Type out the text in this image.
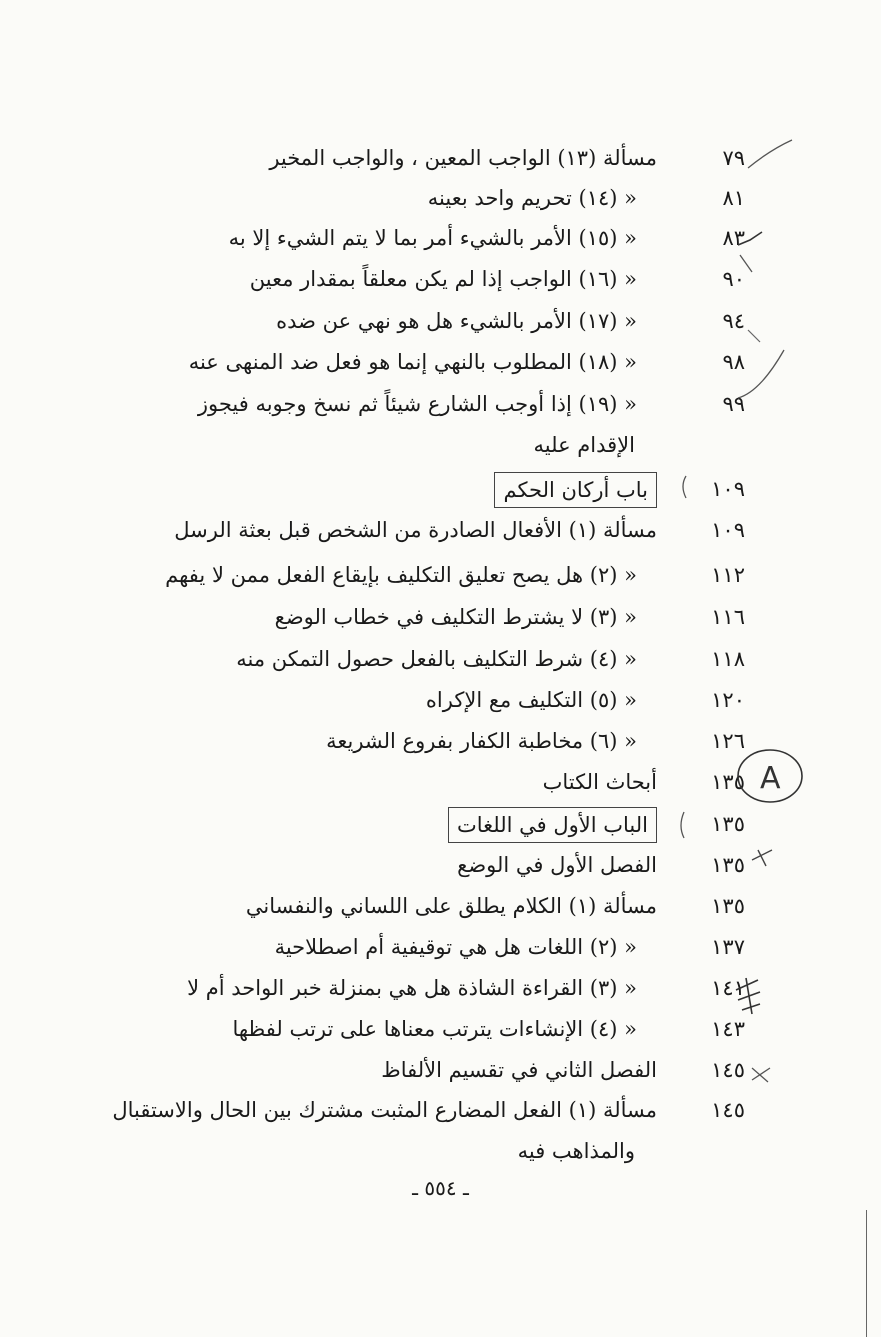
٧٩
مسألة (١٣) الواجب المعين ، والواجب المخير
٨١
« (١٤) تحريم واحد بعينه
٨٣
« (١٥) الأمر بالشيء أمر بما لا يتم الشيء إلا به
٩٠
« (١٦) الواجب إذا لم يكن معلقاً بمقدار معين
٩٤
« (١٧) الأمر بالشيء هل هو نهي عن ضده
٩٨
« (١٨) المطلوب بالنهي إنما هو فعل ضد المنهى عنه
٩٩
« (١٩) إذا أوجب الشارع شيئاً ثم نسخ وجوبه فيجوز
الإقدام عليه
١٠٩
باب أركان الحكم
١٠٩
مسألة (١) الأفعال الصادرة من الشخص قبل بعثة الرسل
١١٢
« (٢) هل يصح تعليق التكليف بإيقاع الفعل ممن لا يفهم
١١٦
« (٣) لا يشترط التكليف في خطاب الوضع
١١٨
« (٤) شرط التكليف بالفعل حصول التمكن منه
١٢٠
« (٥) التكليف مع الإكراه
١٢٦
« (٦) مخاطبة الكفار بفروع الشريعة
١٣٥
أبحاث الكتاب
١٣٥
الباب الأول في اللغات
١٣٥
الفصل الأول في الوضع
١٣٥
مسألة (١) الكلام يطلق على اللساني والنفساني
١٣٧
« (٢) اللغات هل هي توقيفية أم اصطلاحية
١٤١
« (٣) القراءة الشاذة هل هي بمنزلة خبر الواحد أم لا
١٤٣
« (٤) الإنشاءات يترتب معناها على ترتب لفظها
١٤٥
الفصل الثاني في تقسيم الألفاظ
١٤٥
مسألة (١) الفعل المضارع المثبت مشترك بين الحال والاستقبال
والمذاهب فيه
ـ ٥٥٤ ـ
A
